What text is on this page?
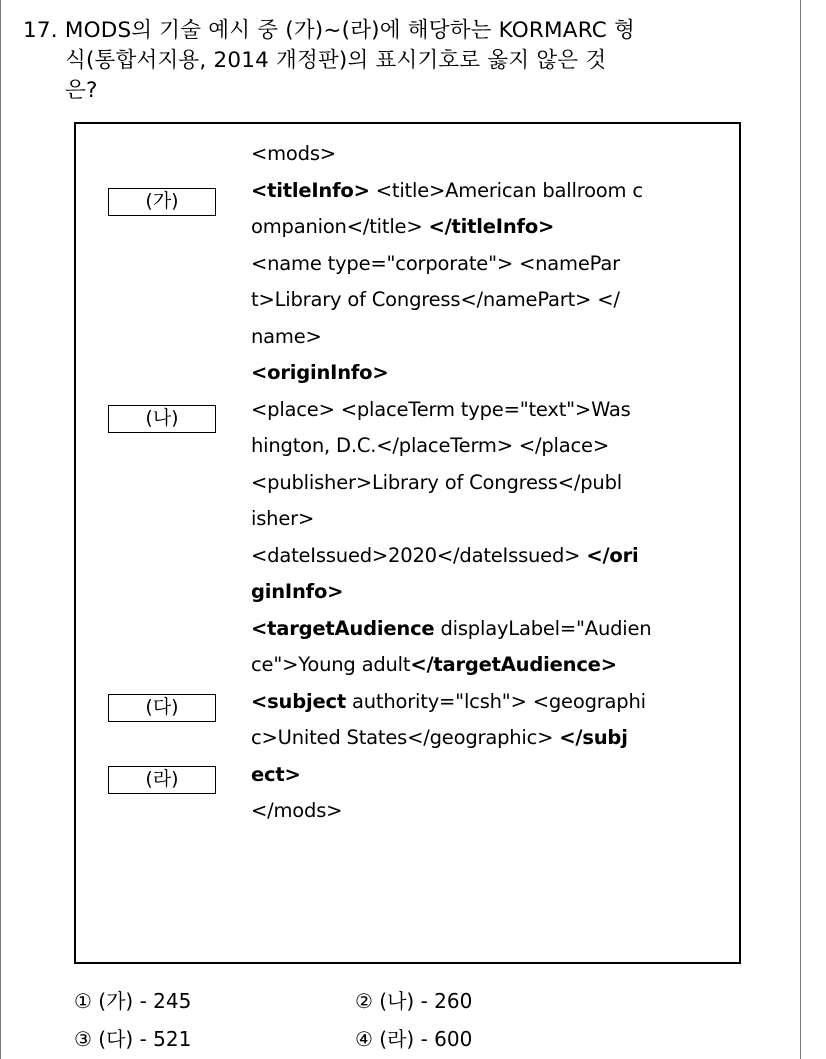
17. MODS의 기술 예시 중 (가)~(라)에 해당하는 KORMARC 형
식(통합서지용, 2014 개정판)의 표시기호로 옳지 않은 것
은?
(가)
(나)
(다)
(라)
<mods>
<titleInfo> <title>American ballroom c
ompanion</title> </titleInfo>
<name type="corporate"> <namePar
t>Library of Congress</namePart> </
name>
<originInfo>
<place> <placeTerm type="text">Was
hington, D.C.</placeTerm> </place>
<publisher>Library of Congress</publ
isher>
<dateIssued>2020</dateIssued> </ori
ginInfo>
<targetAudience displayLabel="Audien
ce">Young adult</targetAudience>
<subject authority="lcsh"> <geographi
c>United States</geographic> </subj
ect>
</mods>
① (가) - 245	② (나) - 260
③ (다) - 521	④ (라) - 600
